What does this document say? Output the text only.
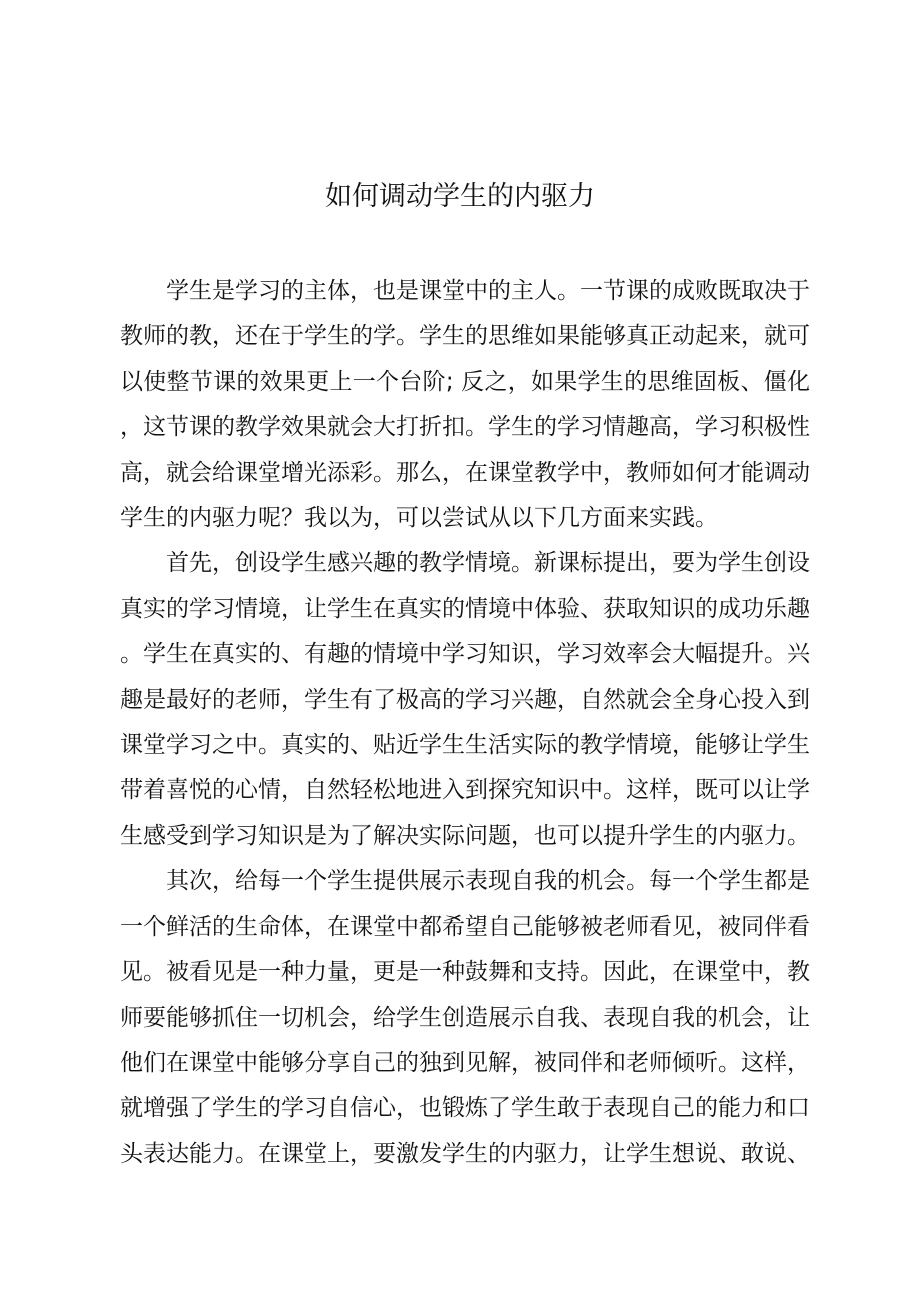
如何调动学生的内驱力

学生是学习的主体，也是课堂中的主人。一节课的成败既取决于教师的教，还在于学生的学。学生的思维如果能够真正动起来，就可以使整节课的效果更上一个台阶; 反之，如果学生的思维固板、僵化，这节课的教学效果就会大打折扣。学生的学习情趣高，学习积极性高，就会给课堂增光添彩。那么，在课堂教学中，教师如何才能调动学生的内驱力呢？我以为，可以尝试从以下几方面来实践。

首先，创设学生感兴趣的教学情境。新课标提出，要为学生创设真实的学习情境，让学生在真实的情境中体验、获取知识的成功乐趣。学生在真实的、有趣的情境中学习知识，学习效率会大幅提升。兴趣是最好的老师，学生有了极高的学习兴趣，自然就会全身心投入到课堂学习之中。真实的、贴近学生生活实际的教学情境，能够让学生带着喜悦的心情，自然轻松地进入到探究知识中。这样，既可以让学生感受到学习知识是为了解决实际问题，也可以提升学生的内驱力。

其次，给每一个学生提供展示表现自我的机会。每一个学生都是一个鲜活的生命体，在课堂中都希望自己能够被老师看见，被同伴看见。被看见是一种力量，更是一种鼓舞和支持。因此，在课堂中，教师要能够抓住一切机会，给学生创造展示自我、表现自我的机会，让他们在课堂中能够分享自己的独到见解，被同伴和老师倾听。这样，就增强了学生的学习自信心，也锻炼了学生敢于表现自己的能力和口头表达能力。在课堂上，要激发学生的内驱力，让学生想说、敢说、
